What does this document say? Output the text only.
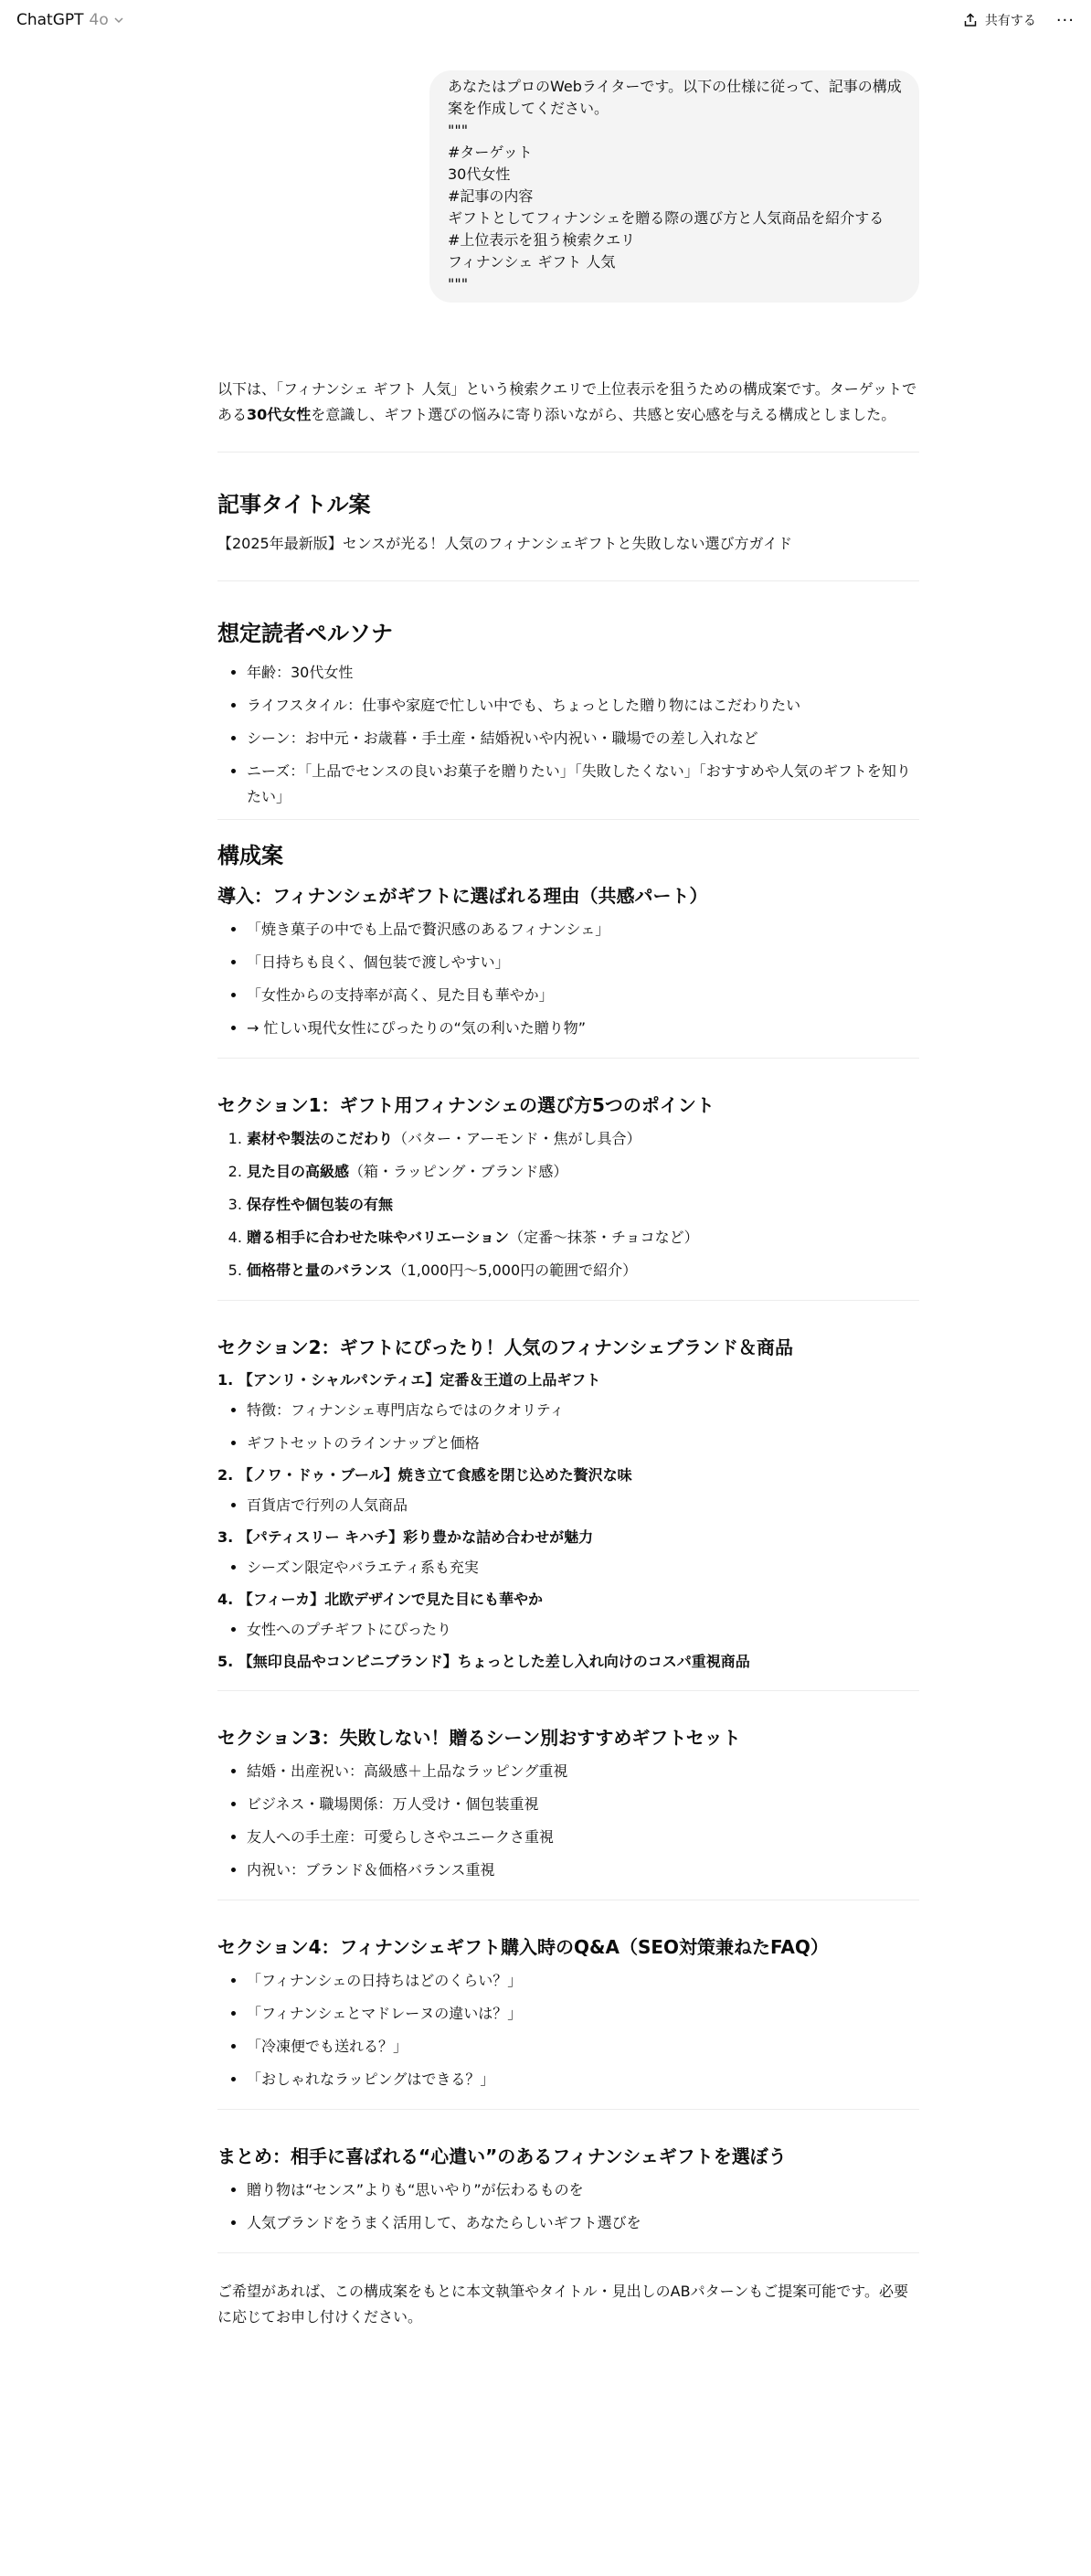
ChatGPT 4o	共有する ···
あなたはプロのWebライターです。以下の仕様に従って、記事の構成
案を作成してください。
"""
#ターゲット
30代女性
#記事の内容
ギフトとしてフィナンシェを贈る際の選び方と人気商品を紹介する
#上位表示を狙う検索クエリ
フィナンシェ ギフト 人気
"""

以下は、「フィナンシェ ギフト 人気」という検索クエリで上位表示を狙うための構成案です。ターゲットである30代女性を意識し、ギフト選びの悩みに寄り添いながら、共感と安心感を与える構成としました。

記事タイトル案

【2025年最新版】センスが光る！人気のフィナンシェギフトと失敗しない選び方ガイド

想定読者ペルソナ
• 年齢：30代女性
• ライフスタイル：仕事や家庭で忙しい中でも、ちょっとした贈り物にはこだわりたい
• シーン：お中元・お歳暮・手土産・結婚祝いや内祝い・職場での差し入れなど
• ニーズ：「上品でセンスの良いお菓子を贈りたい」「失敗したくない」「おすすめや人気のギフトを知りたい」
構成案
導入：フィナンシェがギフトに選ばれる理由（共感パート）
• 「焼き菓子の中でも上品で贅沢感のあるフィナンシェ」
• 「日持ちも良く、個包装で渡しやすい」
• 「女性からの支持率が高く、見た目も華やか」
• → 忙しい現代女性にぴったりの“気の利いた贈り物”
セクション1：ギフト用フィナンシェの選び方5つのポイント
1. 素材や製法のこだわり（バター・アーモンド・焦がし具合）
2. 見た目の高級感（箱・ラッピング・ブランド感）
3. 保存性や個包装の有無
4. 贈る相手に合わせた味やバリエーション（定番〜抹茶・チョコなど）
5. 価格帯と量のバランス（1,000円〜5,000円の範囲で紹介）
セクション2：ギフトにぴったり！人気のフィナンシェブランド＆商品
1. 【アンリ・シャルパンティエ】定番＆王道の上品ギフト
• 特徴：フィナンシェ専門店ならではのクオリティ
• ギフトセットのラインナップと価格
2. 【ノワ・ドゥ・ブール】焼き立て食感を閉じ込めた贅沢な味
• 百貨店で行列の人気商品
3. 【パティスリー キハチ】彩り豊かな詰め合わせが魅力
• シーズン限定やバラエティ系も充実
4. 【フィーカ】北欧デザインで見た目にも華やか
• 女性へのプチギフトにぴったり
5. 【無印良品やコンビニブランド】ちょっとした差し入れ向けのコスパ重視商品
セクション3：失敗しない！贈るシーン別おすすめギフトセット
• 結婚・出産祝い：高級感＋上品なラッピング重視
• ビジネス・職場関係：万人受け・個包装重視
• 友人への手土産：可愛らしさやユニークさ重視
• 内祝い：ブランド＆価格バランス重視
セクション4：フィナンシェギフト購入時のQ&A（SEO対策兼ねたFAQ）
• 「フィナンシェの日持ちはどのくらい？」
• 「フィナンシェとマドレーヌの違いは？」
• 「冷凍便でも送れる？」
• 「おしゃれなラッピングはできる？」
まとめ：相手に喜ばれる“心遣い”のあるフィナンシェギフトを選ぼう
• 贈り物は“センス”よりも“思いやり”が伝わるものを
• 人気ブランドをうまく活用して、あなたらしいギフト選びを

ご希望があれば、この構成案をもとに本文執筆やタイトル・見出しのABパターンもご提案可能です。必要に応じてお申し付けください。
